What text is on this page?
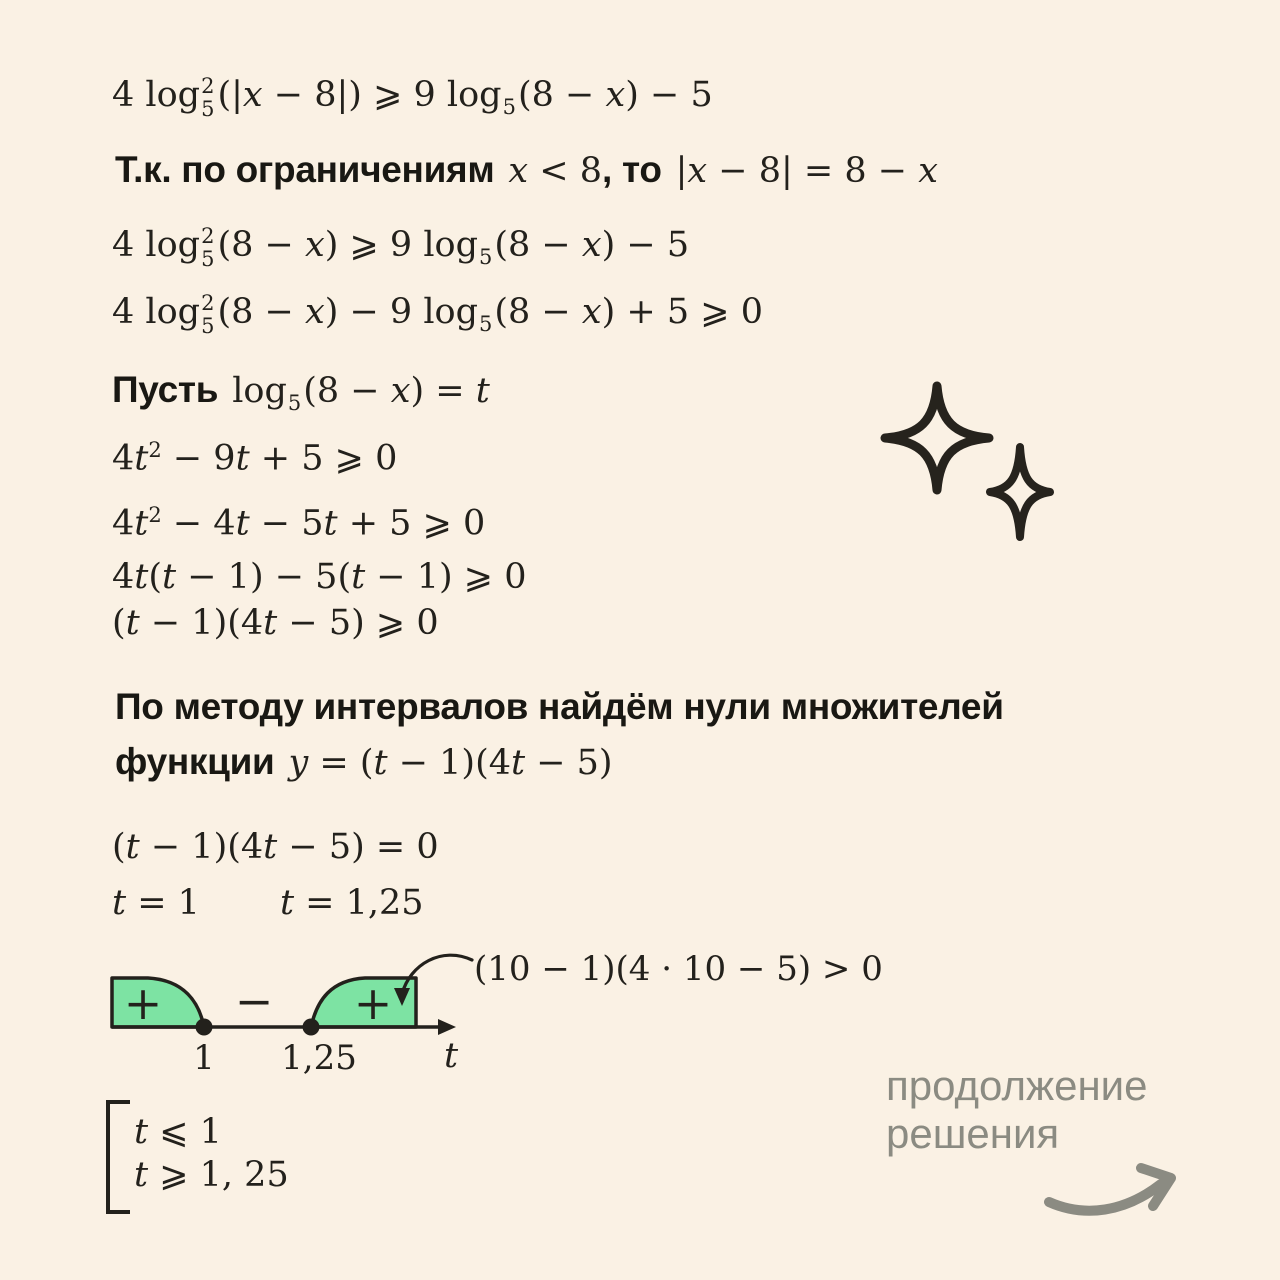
4 log 2
5 (|x − 8|) ⩾ 9 $\log_5(8 - x) - 5$
Т.к. по ограничениям x < 8, то |x − 8| = 8 − x
4 log 2
5 (8 − x) ⩾ 9 $\log_5(8 - x) - 5$
4 log 2
5 (8 − x) − 9 $\log_5(8 - x) + 5$ ⩾ 0
Пусть $\log_5(8 - x) = t$
$4t^2 - 9t + 5$ ⩾ 0
$4t^2 - 4t - 5t + 5$ ⩾ 0
4t(t − 1) − 5(t − 1) ⩾ 0
(t − 1)(4t − 5) ⩾ 0
По методу интервалов найдём нули множителей
функции y = (t − 1)(4t − 5)
(t − 1)(4t − 5) = 0
t = 1 t = 1,25
+ − +
1 1,25 t
(10 − 1)(4 · 10 − 5) > 0
t ⩽ 1
t ⩾ 1, 25
продолжение
решения
